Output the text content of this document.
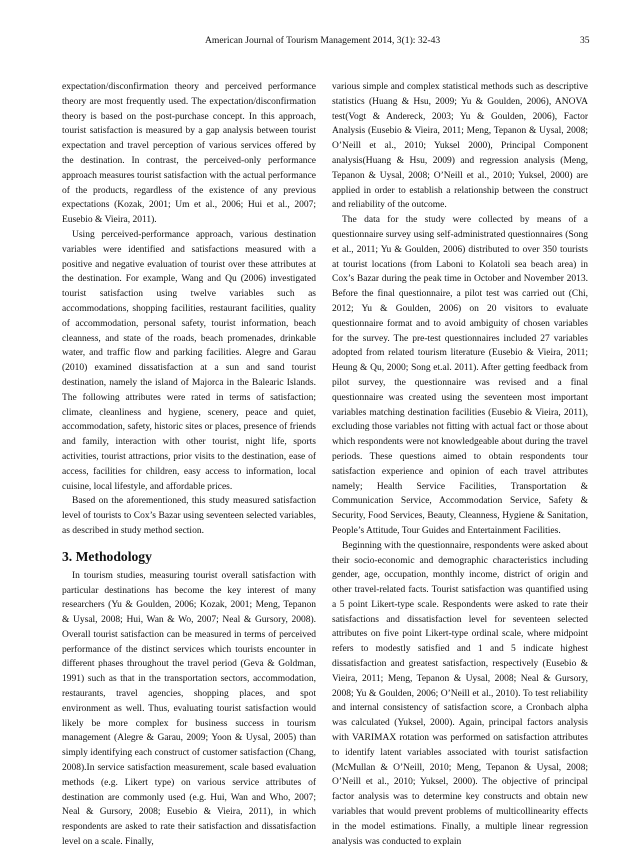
American Journal of Tourism Management 2014, 3(1): 32-43	35

expectation/disconfirmation theory and perceived performance theory are most frequently used. The expectation/disconfirmation theory is based on the post-purchase concept. In this approach, tourist satisfaction is measured by a gap analysis between tourist expectation and travel perception of various services offered by the destination. In contrast, the perceived-only performance approach measures tourist satisfaction with the actual performance of the products, regardless of the existence of any previous expectations (Kozak, 2001; Um et al., 2006; Hui et al., 2007; Eusebio & Vieira, 2011).

Using perceived-performance approach, various destination variables were identified and satisfactions measured with a positive and negative evaluation of tourist over these attributes at the destination. For example, Wang and Qu (2006) investigated tourist satisfaction using twelve variables such as accommodations, shopping facilities, restaurant facilities, quality of accommodation, personal safety, tourist information, beach cleanness, and state of the roads, beach promenades, drinkable water, and traffic flow and parking facilities. Alegre and Garau (2010) examined dissatisfaction at a sun and sand tourist destination, namely the island of Majorca in the Balearic Islands. The following attributes were rated in terms of satisfaction; climate, cleanliness and hygiene, scenery, peace and quiet, accommodation, safety, historic sites or places, presence of friends and family, interaction with other tourist, night life, sports activities, tourist attractions, prior visits to the destination, ease of access, facilities for children, easy access to information, local cuisine, local lifestyle, and affordable prices.

Based on the aforementioned, this study measured satisfaction level of tourists to Cox’s Bazar using seventeen selected variables, as described in study method section.

3. Methodology

In tourism studies, measuring tourist overall satisfaction with particular destinations has become the key interest of many researchers (Yu & Goulden, 2006; Kozak, 2001; Meng, Tepanon & Uysal, 2008; Hui, Wan & Wo, 2007; Neal & Gursory, 2008). Overall tourist satisfaction can be measured in terms of perceived performance of the distinct services which tourists encounter in different phases throughout the travel period (Geva & Goldman, 1991) such as that in the transportation sectors, accommodation, restaurants, travel agencies, shopping places, and spot environment as well. Thus, evaluating tourist satisfaction would likely be more complex for business success in tourism management (Alegre & Garau, 2009; Yoon & Uysal, 2005) than simply identifying each construct of customer satisfaction (Chang, 2008).In service satisfaction measurement, scale based evaluation methods (e.g. Likert type) on various service attributes of destination are commonly used (e.g. Hui, Wan and Who, 2007; Neal & Gursory, 2008; Eusebio & Vieira, 2011), in which respondents are asked to rate their satisfaction and dissatisfaction level on a scale. Finally,

various simple and complex statistical methods such as descriptive statistics (Huang & Hsu, 2009; Yu & Goulden, 2006), ANOVA test(Vogt & Andereck, 2003; Yu & Goulden, 2006), Factor Analysis (Eusebio & Vieira, 2011; Meng, Tepanon & Uysal, 2008; O’Neill et al., 2010; Yuksel 2000), Principal Component analysis(Huang & Hsu, 2009) and regression analysis (Meng, Tepanon & Uysal, 2008; O’Neill et al., 2010; Yuksel, 2000) are applied in order to establish a relationship between the construct and reliability of the outcome.

The data for the study were collected by means of a questionnaire survey using self-administrated questionnaires (Song et al., 2011; Yu & Goulden, 2006) distributed to over 350 tourists at tourist locations (from Laboni to Kolatoli sea beach area) in Cox’s Bazar during the peak time in October and November 2013. Before the final questionnaire, a pilot test was carried out (Chi, 2012; Yu & Goulden, 2006) on 20 visitors to evaluate questionnaire format and to avoid ambiguity of chosen variables for the survey. The pre-test questionnaires included 27 variables adopted from related tourism literature (Eusebio & Vieira, 2011; Heung & Qu, 2000; Song et.al. 2011). After getting feedback from pilot survey, the questionnaire was revised and a final questionnaire was created using the seventeen most important variables matching destination facilities (Eusebio & Vieira, 2011), excluding those variables not fitting with actual fact or those about which respondents were not knowledgeable about during the travel periods. These questions aimed to obtain respondents tour satisfaction experience and opinion of each travel attributes namely; Health Service Facilities, Transportation & Communication Service, Accommodation Service, Safety & Security, Food Services, Beauty, Cleanness, Hygiene & Sanitation, People’s Attitude, Tour Guides and Entertainment Facilities.

Beginning with the questionnaire, respondents were asked about their socio-economic and demographic characteristics including gender, age, occupation, monthly income, district of origin and other travel-related facts. Tourist satisfaction was quantified using a 5 point Likert-type scale. Respondents were asked to rate their satisfactions and dissatisfaction level for seventeen selected attributes on five point Likert-type ordinal scale, where midpoint refers to modestly satisfied and 1 and 5 indicate highest dissatisfaction and greatest satisfaction, respectively (Eusebio & Vieira, 2011; Meng, Tepanon & Uysal, 2008; Neal & Gursory, 2008; Yu & Goulden, 2006; O’Neill et al., 2010). To test reliability and internal consistency of satisfaction score, a Cronbach alpha was calculated (Yuksel, 2000). Again, principal factors analysis with VARIMAX rotation was performed on satisfaction attributes to identify latent variables associated with tourist satisfaction (McMullan & O’Neill, 2010; Meng, Tepanon & Uysal, 2008; O’Neill et al., 2010; Yuksel, 2000). The objective of principal factor analysis was to determine key constructs and obtain new variables that would prevent problems of multicollinearity effects in the model estimations. Finally, a multiple linear regression analysis was conducted to explain
